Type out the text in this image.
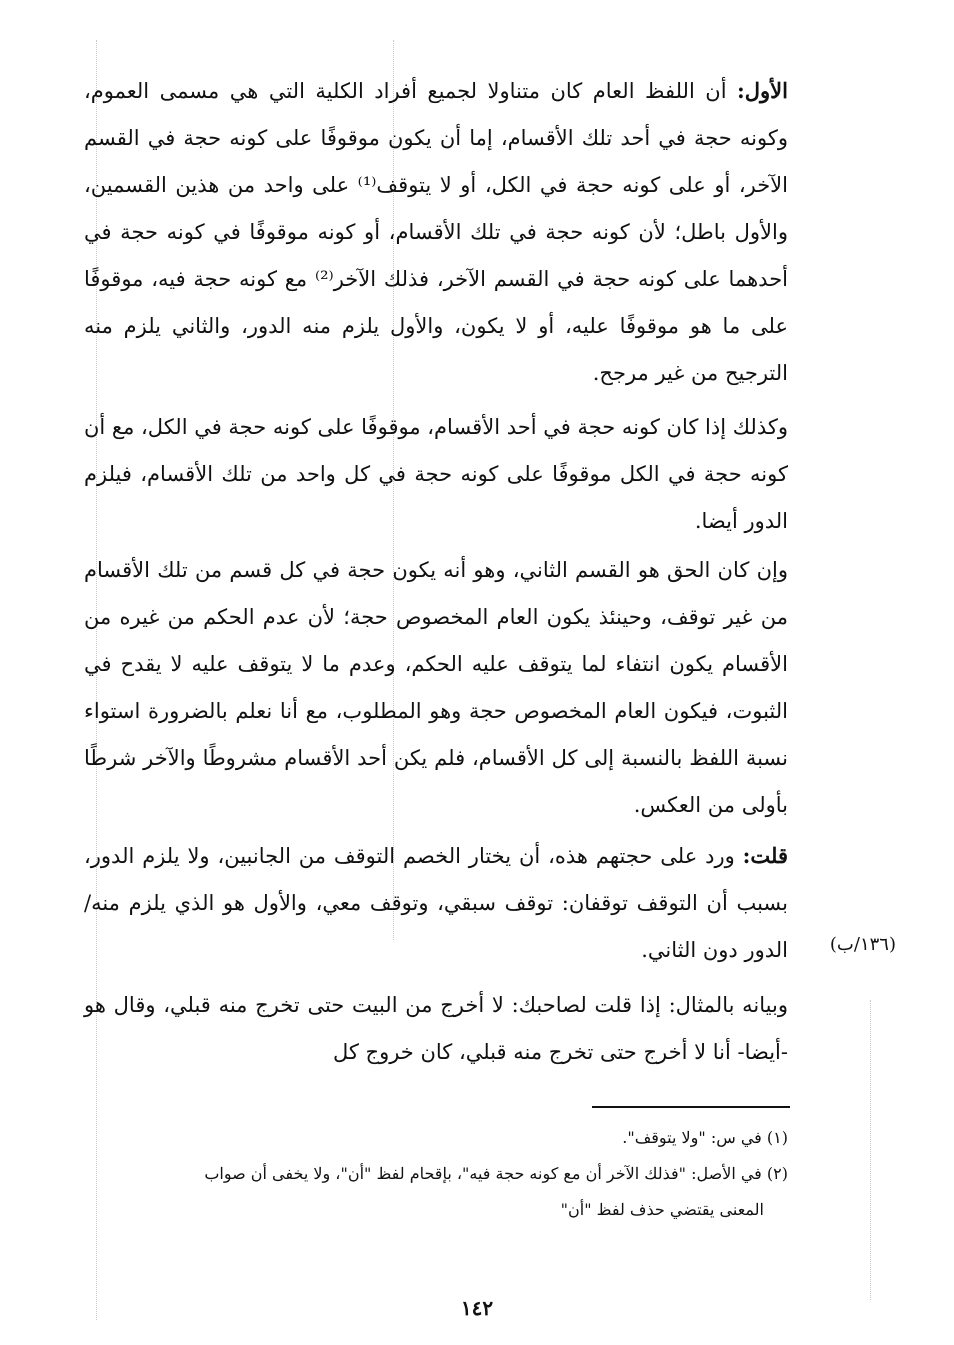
الأول: أن اللفظ العام كان متناولا لجميع أفراد الكلية التي هي مسمى العموم، وكونه حجة في أحد تلك الأقسام، إما أن يكون موقوفًا على كونه حجة في القسم الآخر، أو على كونه حجة في الكل، أو لا يتوقف⁽¹⁾ على واحد من هذين القسمين، والأول باطل؛ لأن كونه حجة في تلك الأقسام، أو كونه موقوفًا في كونه حجة في أحدهما على كونه حجة في القسم الآخر، فذلك الآخر⁽²⁾ مع كونه حجة فيه، موقوفًا على ما هو موقوفًا عليه، أو لا يكون، والأول يلزم منه الدور، والثاني يلزم منه الترجيح من غير مرجح.

وكذلك إذا كان كونه حجة في أحد الأقسام، موقوفًا على كونه حجة في الكل، مع أن كونه حجة في الكل موقوفًا على كونه حجة في كل واحد من تلك الأقسام، فيلزم الدور أيضا.

وإن كان الحق هو القسم الثاني، وهو أنه يكون حجة في كل قسم من تلك الأقسام من غير توقف، وحينئذ يكون العام المخصوص حجة؛ لأن عدم الحكم من غيره من الأقسام يكون انتفاء لما يتوقف عليه الحكم، وعدم ما لا يتوقف عليه لا يقدح في الثبوت، فيكون العام المخصوص حجة وهو المطلوب، مع أنا نعلم بالضرورة استواء نسبة اللفظ بالنسبة إلى كل الأقسام، فلم يكن أحد الأقسام مشروطًا والآخر شرطًا بأولى من العكس.

قلت: ورد على حجتهم هذه، أن يختار الخصم التوقف من الجانبين، ولا يلزم الدور، بسبب أن التوقف توقفان: توقف سبقي، وتوقف معي، والأول هو الذي يلزم منه/ الدور دون الثاني. (١٣٦/ب)

وبيانه بالمثال: إذا قلت لصاحبك: لا أخرج من البيت حتى تخرج منه قبلي، وقال هو -أيضا- أنا لا أخرج حتى تخرج منه قبلي، كان خروج كل

(١) في س: "ولا يتوقف".

(٢) في الأصل: "فذلك الآخر أن مع كونه حجة فيه"، بإقحام لفظ "أن"، ولا يخفى أن صواب

المعنى يقتضي حذف لفظ "أن"

١٤٢
